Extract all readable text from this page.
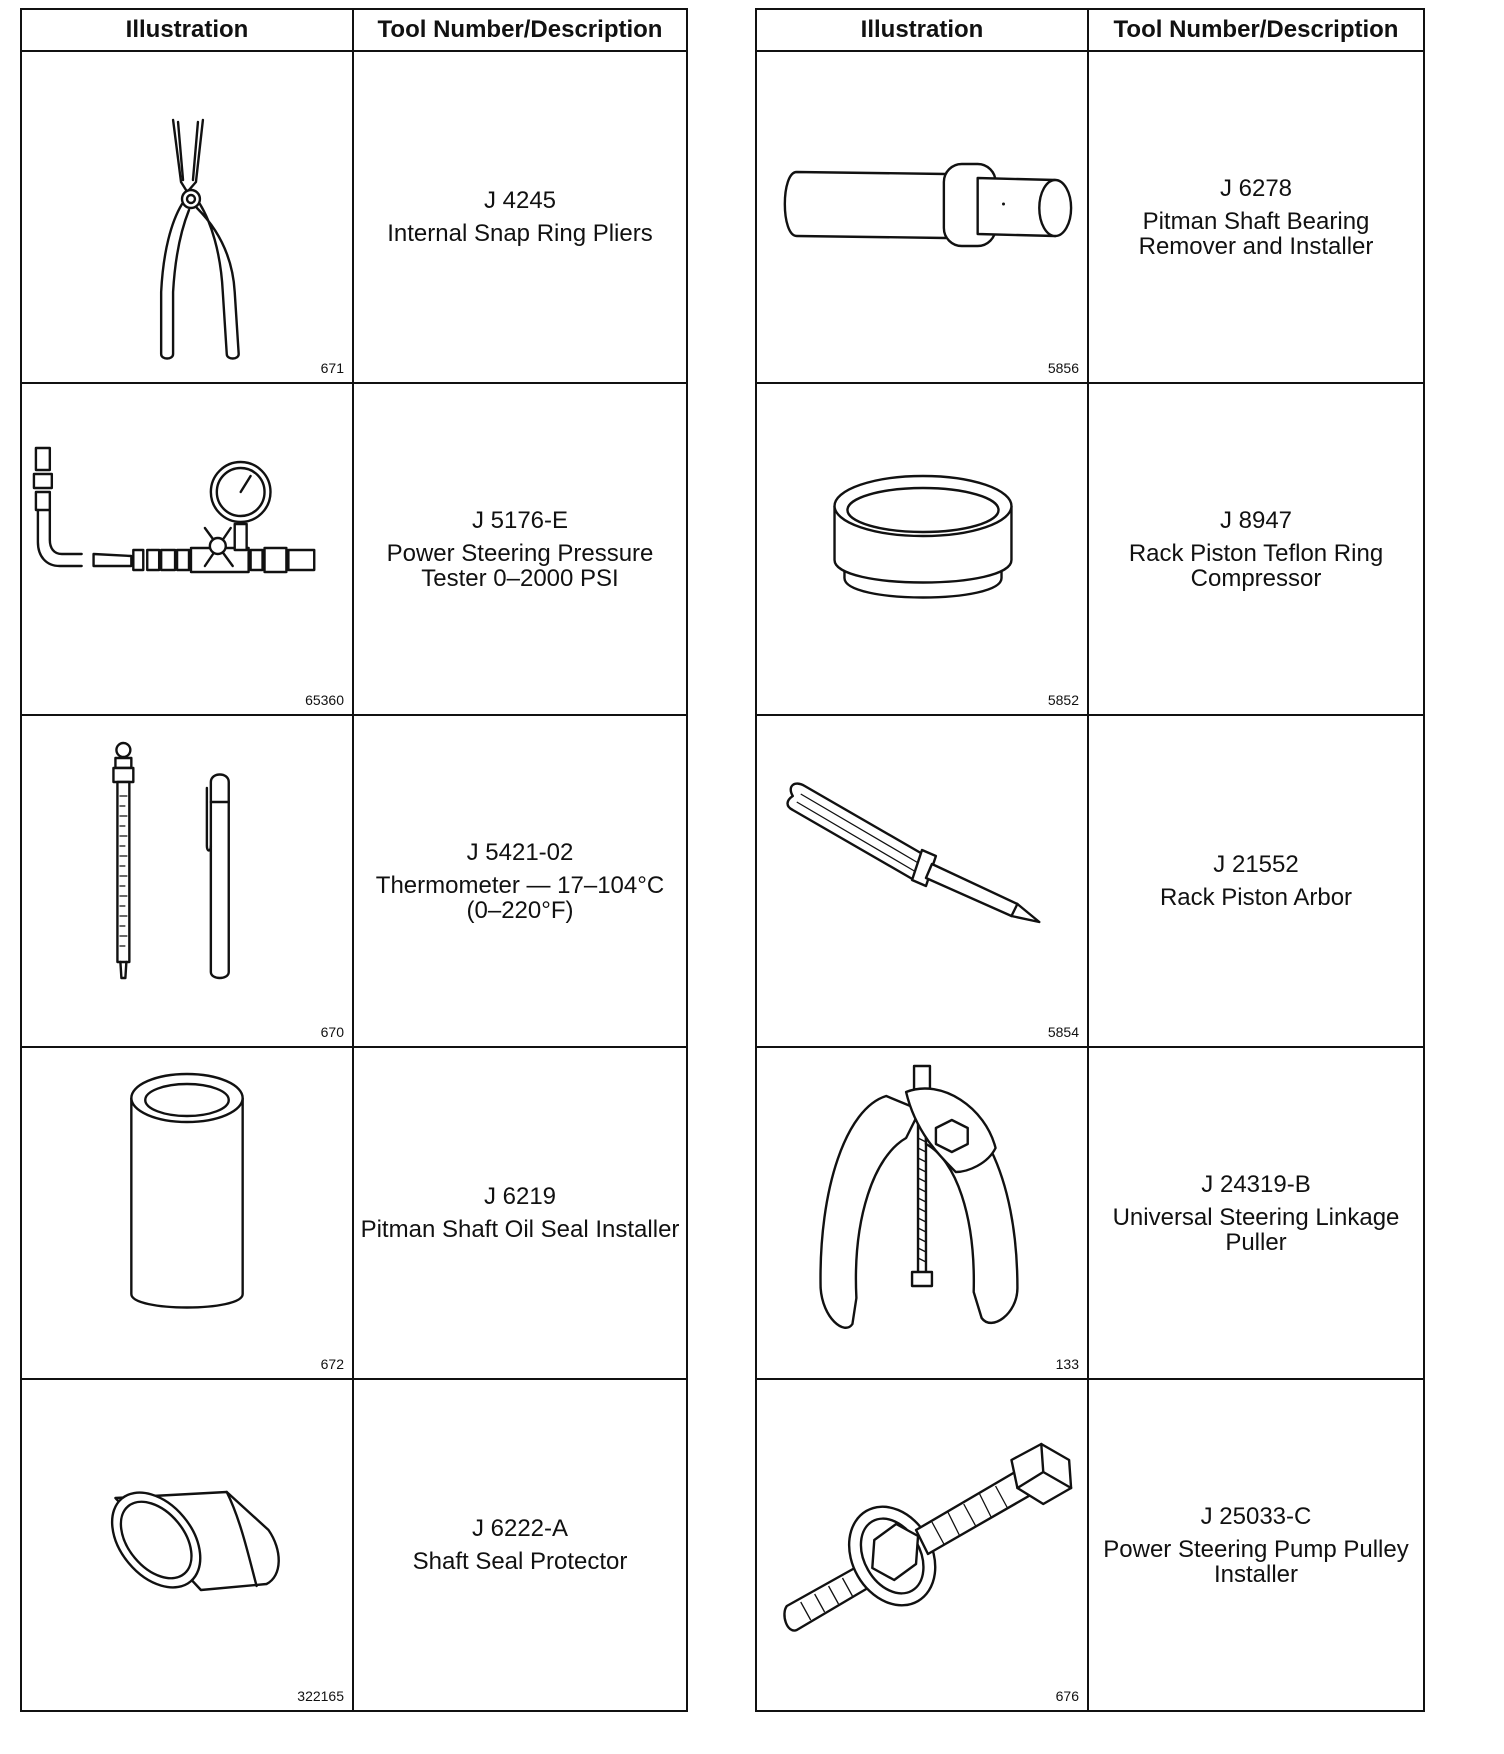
Illustration	Tool Number/Description

671	J 4245
Internal Snap Ring Pliers

65360	J 5176-E
Power Steering Pressure Tester 0–2000 PSI

670	J 5421-02
Thermometer — 17–104°C (0–220°F)

672	J 6219
Pitman Shaft Oil Seal Installer

322165	J 6222-A
Shaft Seal Protector
Illustration	Tool Number/Description

5856	J 6278
Pitman Shaft Bearing Remover and Installer

5852	J 8947
Rack Piston Teflon Ring Compressor

5854	J 21552
Rack Piston Arbor

133	J 24319-B
Universal Steering Linkage Puller

676	J 25033-C
Power Steering Pump Pulley Installer
